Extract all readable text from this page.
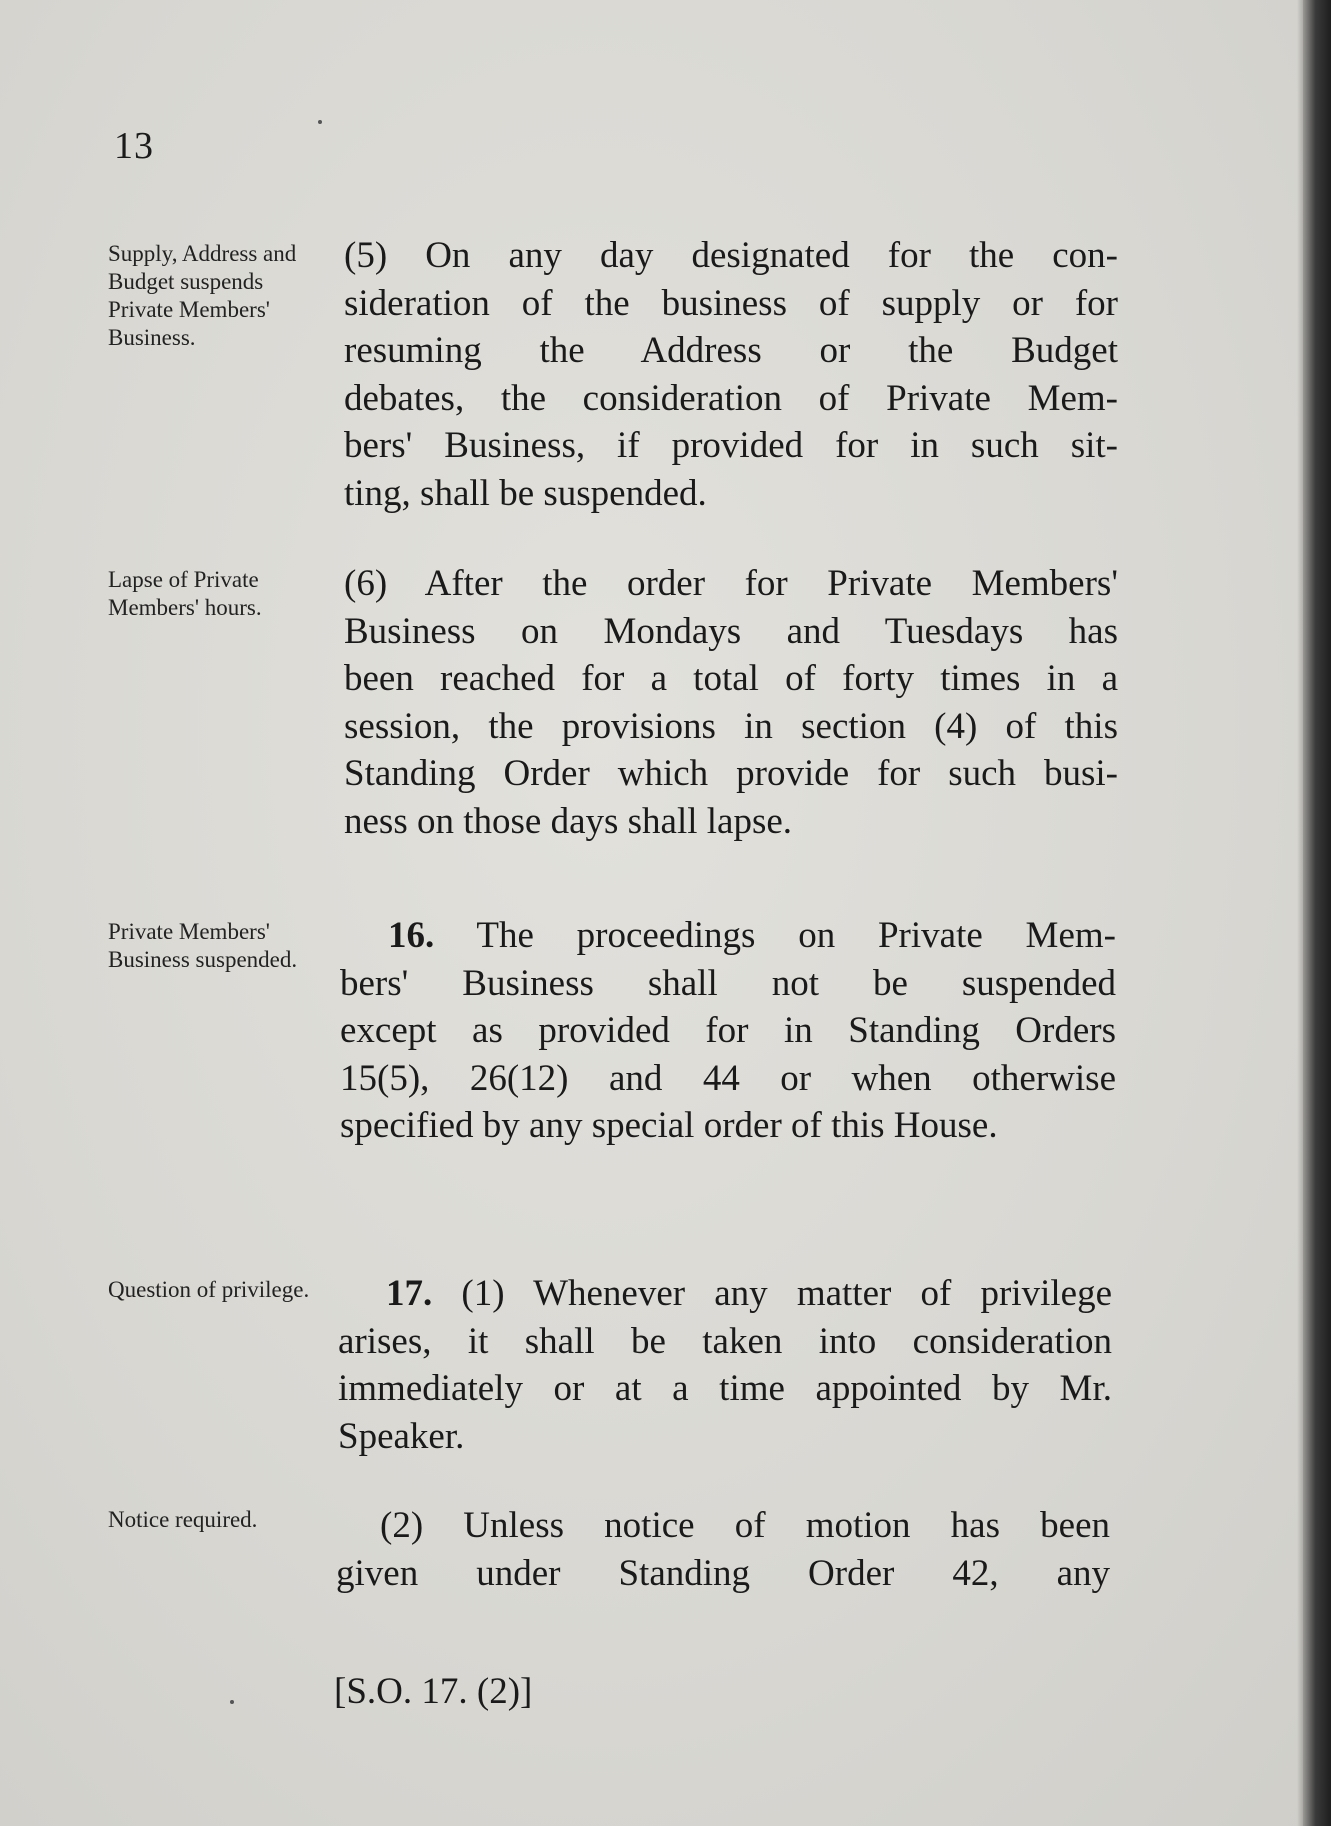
13
Supply, Address and Budget suspends Private Members' Business.
Lapse of Private Members' hours.
Private Members' Business suspended.
Question of privilege.
Notice required.
(5) On any day designated for the con-
sideration of the business of supply or for
resuming the Address or the Budget
debates, the consideration of Private Mem-
bers' Business, if provided for in such sit-
ting, shall be suspended.
(6) After the order for Private Members'
Business on Mondays and Tuesdays has
been reached for a total of forty times in a
session, the provisions in section (4) of this
Standing Order which provide for such busi-
ness on those days shall lapse.
16. The proceedings on Private Mem-
bers' Business shall not be suspended
except as provided for in Standing Orders
15(5), 26(12) and 44 or when otherwise
specified by any special order of this House.
17. (1) Whenever any matter of privilege
arises, it shall be taken into consideration
immediately or at a time appointed by Mr.
Speaker.
(2) Unless notice of motion has been
given under Standing Order 42, any
[S.O. 17. (2)]
